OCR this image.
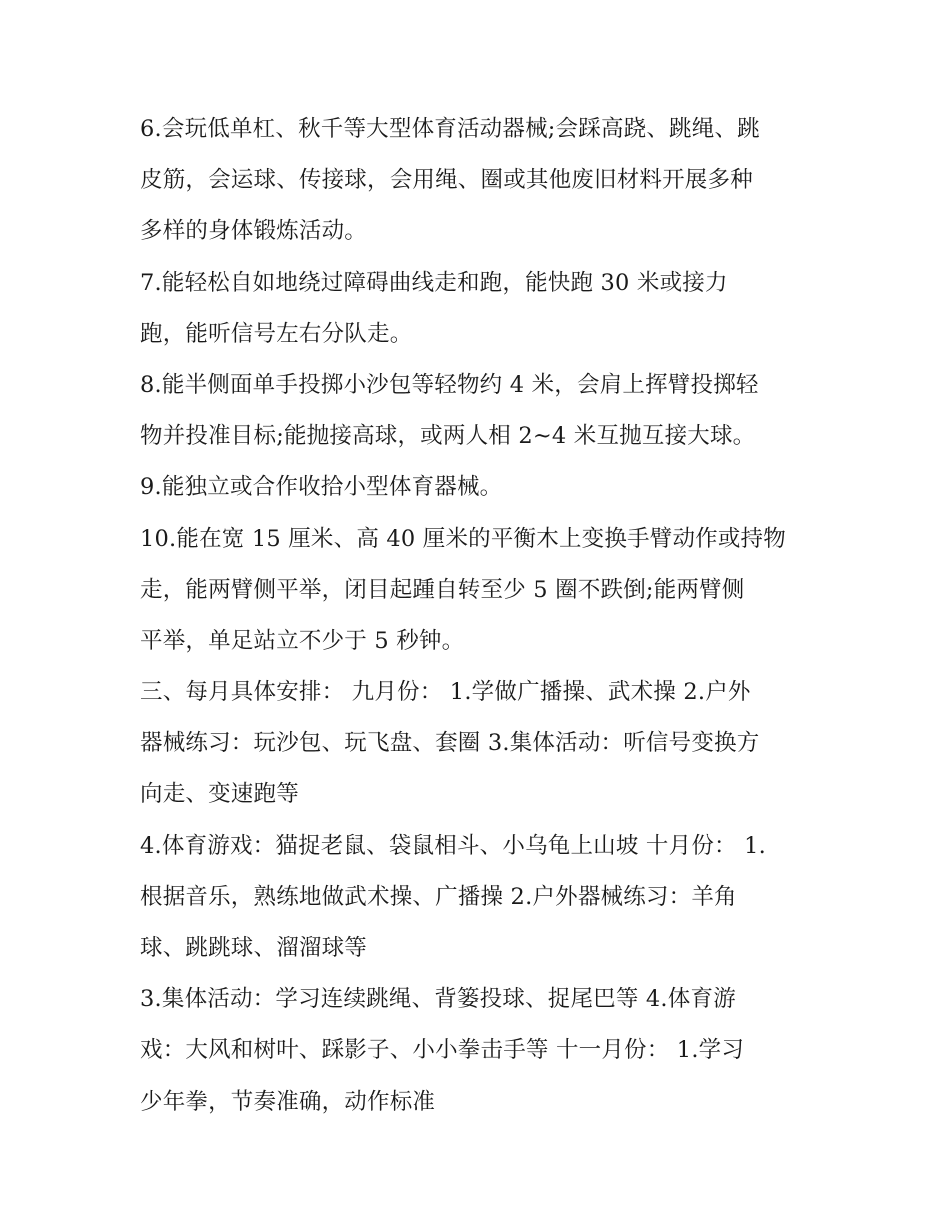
6.会玩低单杠、秋千等大型体育活动器械;会踩高跷、跳绳、跳
皮筋，会运球、传接球，会用绳、圈或其他废旧材料开展多种
多样的身体锻炼活动。
7.能轻松自如地绕过障碍曲线走和跑，能快跑 30 米或接力
跑，能听信号左右分队走。
8.能半侧面单手投掷小沙包等轻物约 4 米，会肩上挥臂投掷轻
物并投准目标;能抛接高球，或两人相 2~4 米互抛互接大球。
9.能独立或合作收拾小型体育器械。
10.能在宽 15 厘米、高 40 厘米的平衡木上变换手臂动作或持物
走，能两臂侧平举，闭目起踵自转至少 5 圈不跌倒;能两臂侧
平举，单足站立不少于 5 秒钟。
三、每月具体安排： 九月份： 1.学做广播操、武术操 2.户外
器械练习：玩沙包、玩飞盘、套圈 3.集体活动：听信号变换方
向走、变速跑等
4.体育游戏：猫捉老鼠、袋鼠相斗、小乌龟上山坡 十月份： 1.
根据音乐，熟练地做武术操、广播操 2.户外器械练习：羊角
球、跳跳球、溜溜球等
3.集体活动：学习连续跳绳、背篓投球、捉尾巴等 4.体育游
戏：大风和树叶、踩影子、小小拳击手等 十一月份： 1.学习
少年拳，节奏准确，动作标准
